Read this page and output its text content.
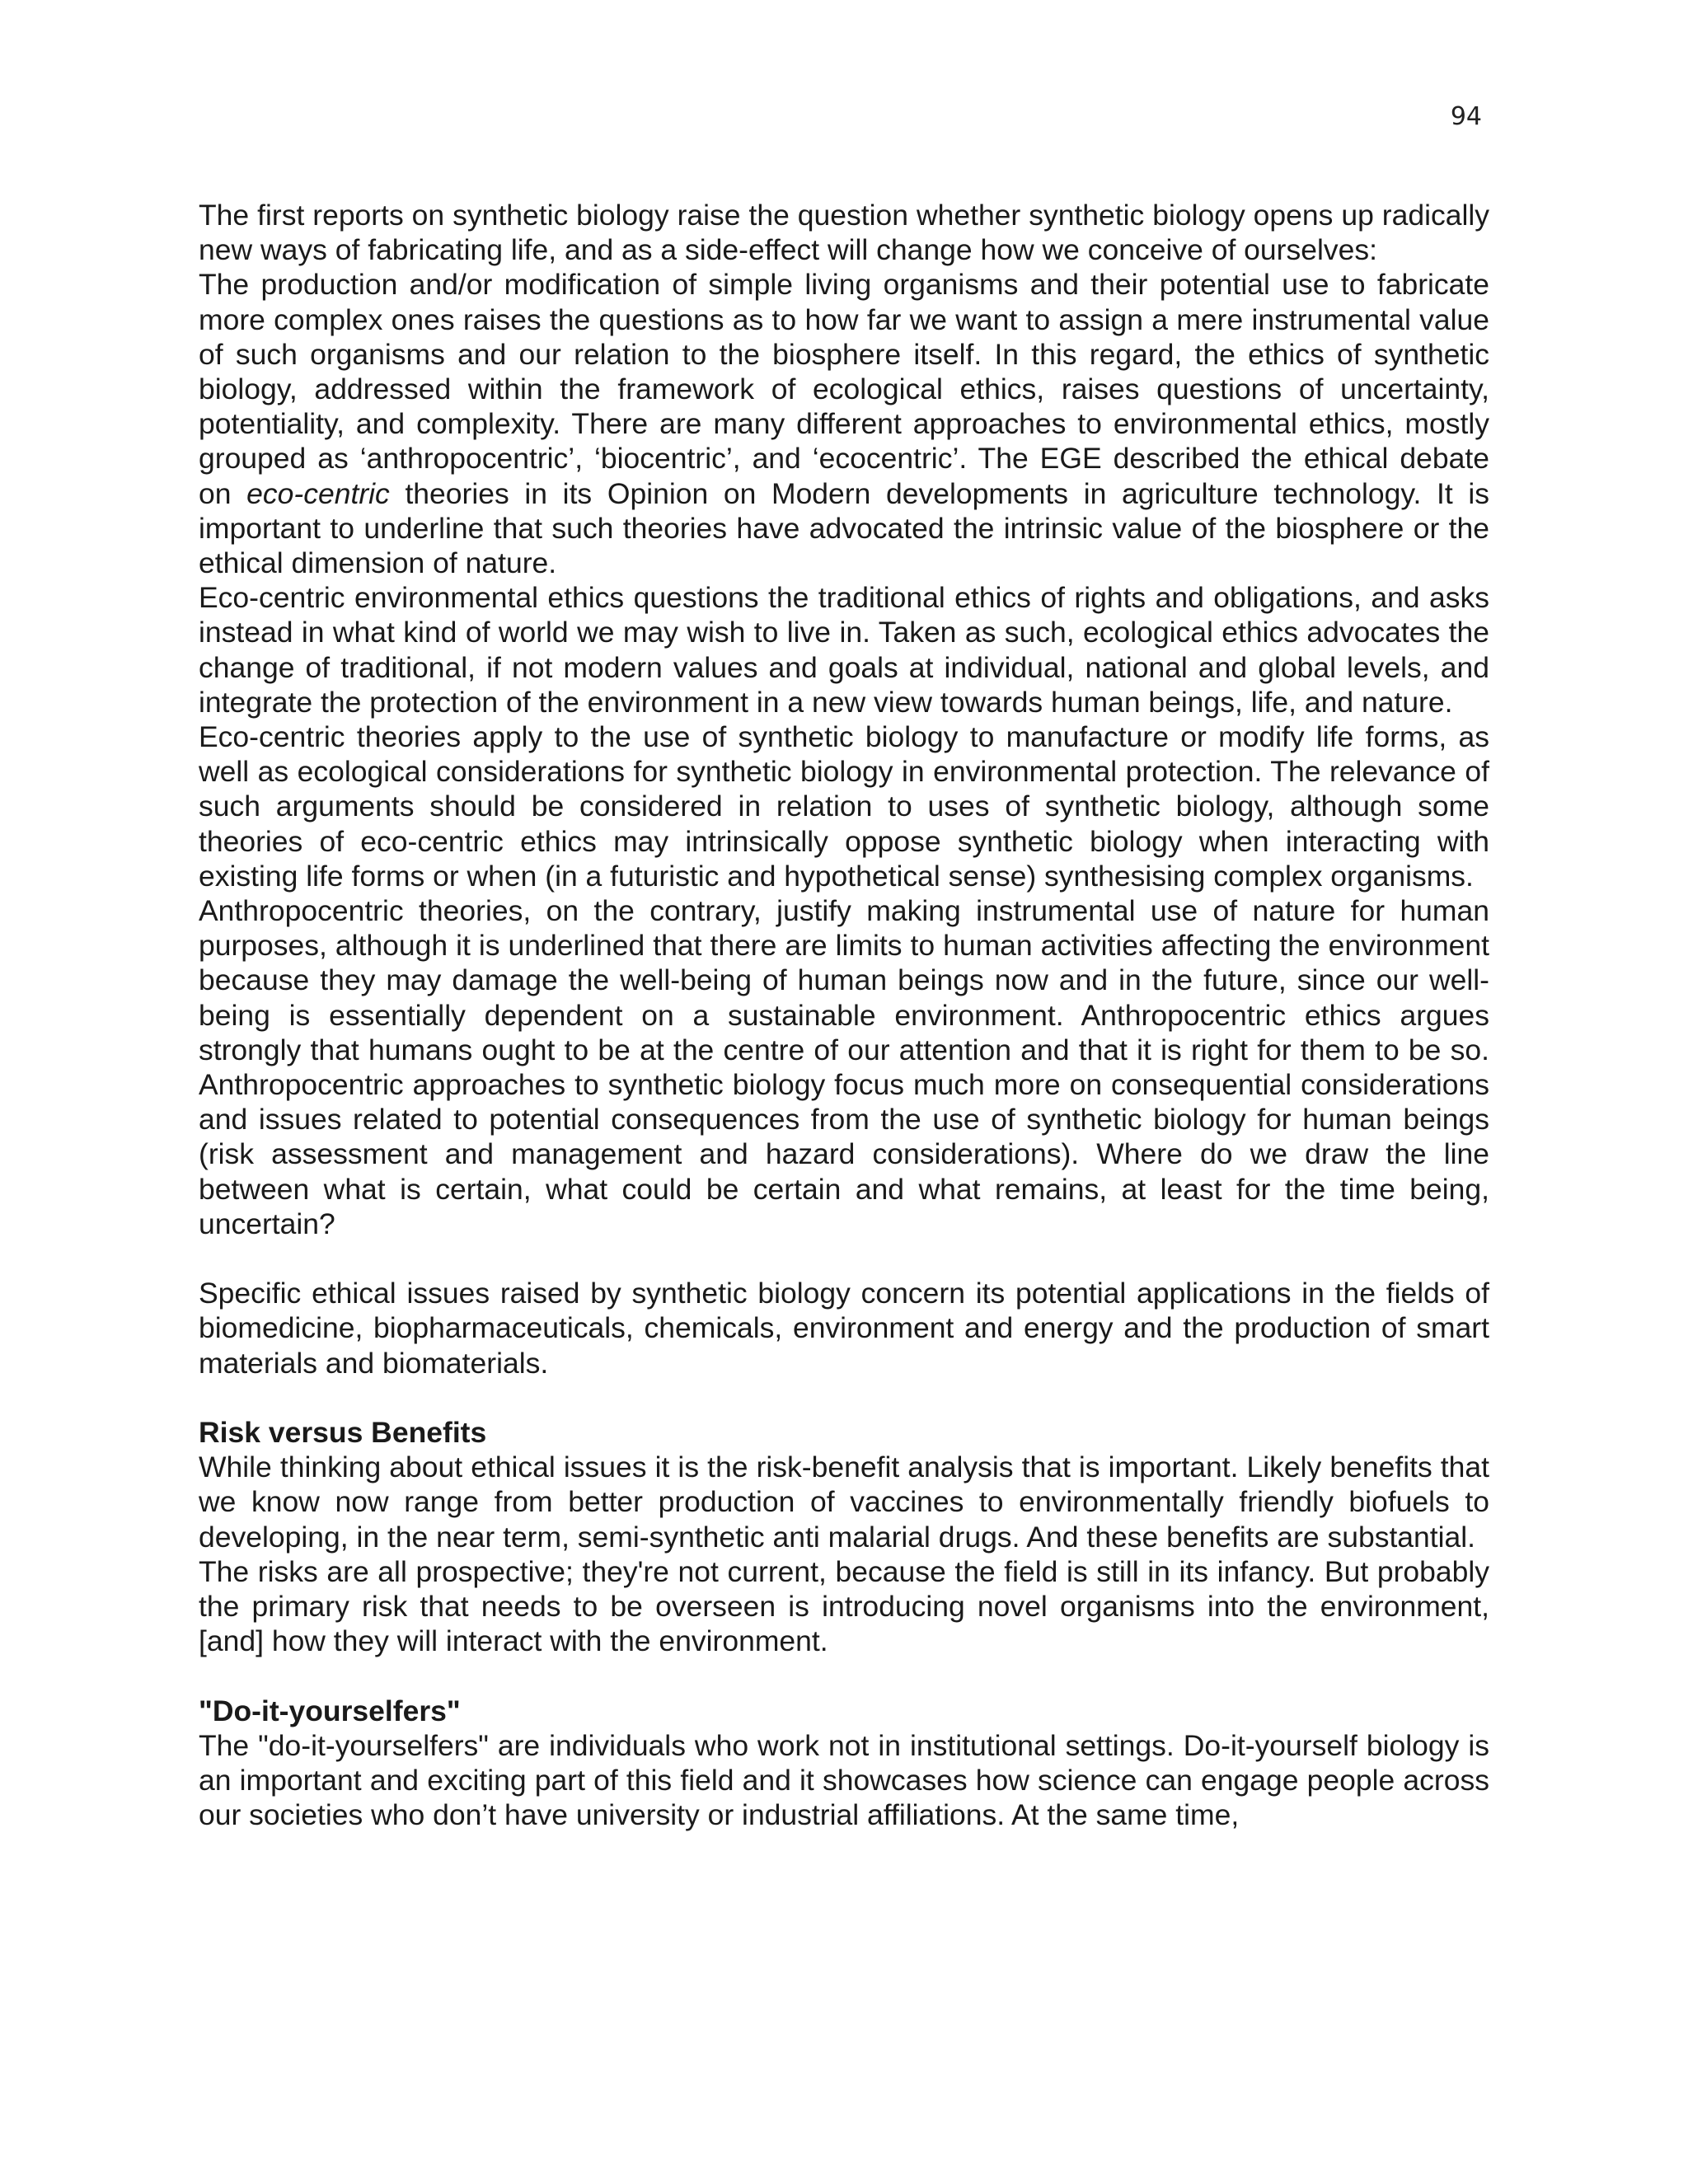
94

The first reports on synthetic biology raise the question whether synthetic biology opens up radically new ways of fabricating life, and as a side-effect will change how we conceive of ourselves:

The production and/or modification of simple living organisms and their potential use to fabricate more complex ones raises the questions as to how far we want to assign a mere instrumental value of such organisms and our relation to the biosphere itself. In this regard, the ethics of synthetic biology, addressed within the framework of ecological ethics, raises questions of uncertainty, potentiality, and complexity. There are many different approaches to environmental ethics, mostly grouped as ‘anthropocentric’, ‘biocentric’, and ‘ecocentric’. The EGE described the ethical debate on eco-centric theories in its Opinion on Modern developments in agriculture technology. It is important to underline that such theories have advocated the intrinsic value of the biosphere or the ethical dimension of nature.

Eco-centric environmental ethics questions the traditional ethics of rights and obligations, and asks instead in what kind of world we may wish to live in. Taken as such, ecological ethics advocates the change of traditional, if not modern values and goals at individual, national and global levels, and integrate the protection of the environment in a new view towards human beings, life, and nature.

Eco-centric theories apply to the use of synthetic biology to manufacture or modify life forms, as well as ecological considerations for synthetic biology in environmental protection. The relevance of such arguments should be considered in relation to uses of synthetic biology, although some theories of eco-centric ethics may intrinsically oppose synthetic biology when interacting with existing life forms or when (in a futuristic and hypothetical sense) synthesising complex organisms.

Anthropocentric theories, on the contrary, justify making instrumental use of nature for human purposes, although it is underlined that there are limits to human activities affecting the environment because they may damage the well-being of human beings now and in the future, since our well-being is essentially dependent on a sustainable environment. Anthropocentric ethics argues strongly that humans ought to be at the centre of our attention and that it is right for them to be so. Anthropocentric approaches to synthetic biology focus much more on consequential considerations and issues related to potential consequences from the use of synthetic biology for human beings (risk assessment and management and hazard considerations). Where do we draw the line between what is certain, what could be certain and what remains, at least for the time being, uncertain?

Specific ethical issues raised by synthetic biology concern its potential applications in the fields of biomedicine, biopharmaceuticals, chemicals, environment and energy and the production of smart materials and biomaterials.

Risk versus Benefits

While thinking about ethical issues it is the risk-benefit analysis that is important. Likely benefits that we know now range from better production of vaccines to environmentally friendly biofuels to developing, in the near term, semi-synthetic anti malarial drugs. And these benefits are substantial.

The risks are all prospective; they're not current, because the field is still in its infancy. But probably the primary risk that needs to be overseen is introducing novel organisms into the environment, [and] how they will interact with the environment.

"Do-it-yourselfers"

The "do-it-yourselfers" are individuals who work not in institutional settings. Do-it-yourself biology is an important and exciting part of this field and it showcases how science can engage people across our societies who don’t have university or industrial affiliations. At the same time,
